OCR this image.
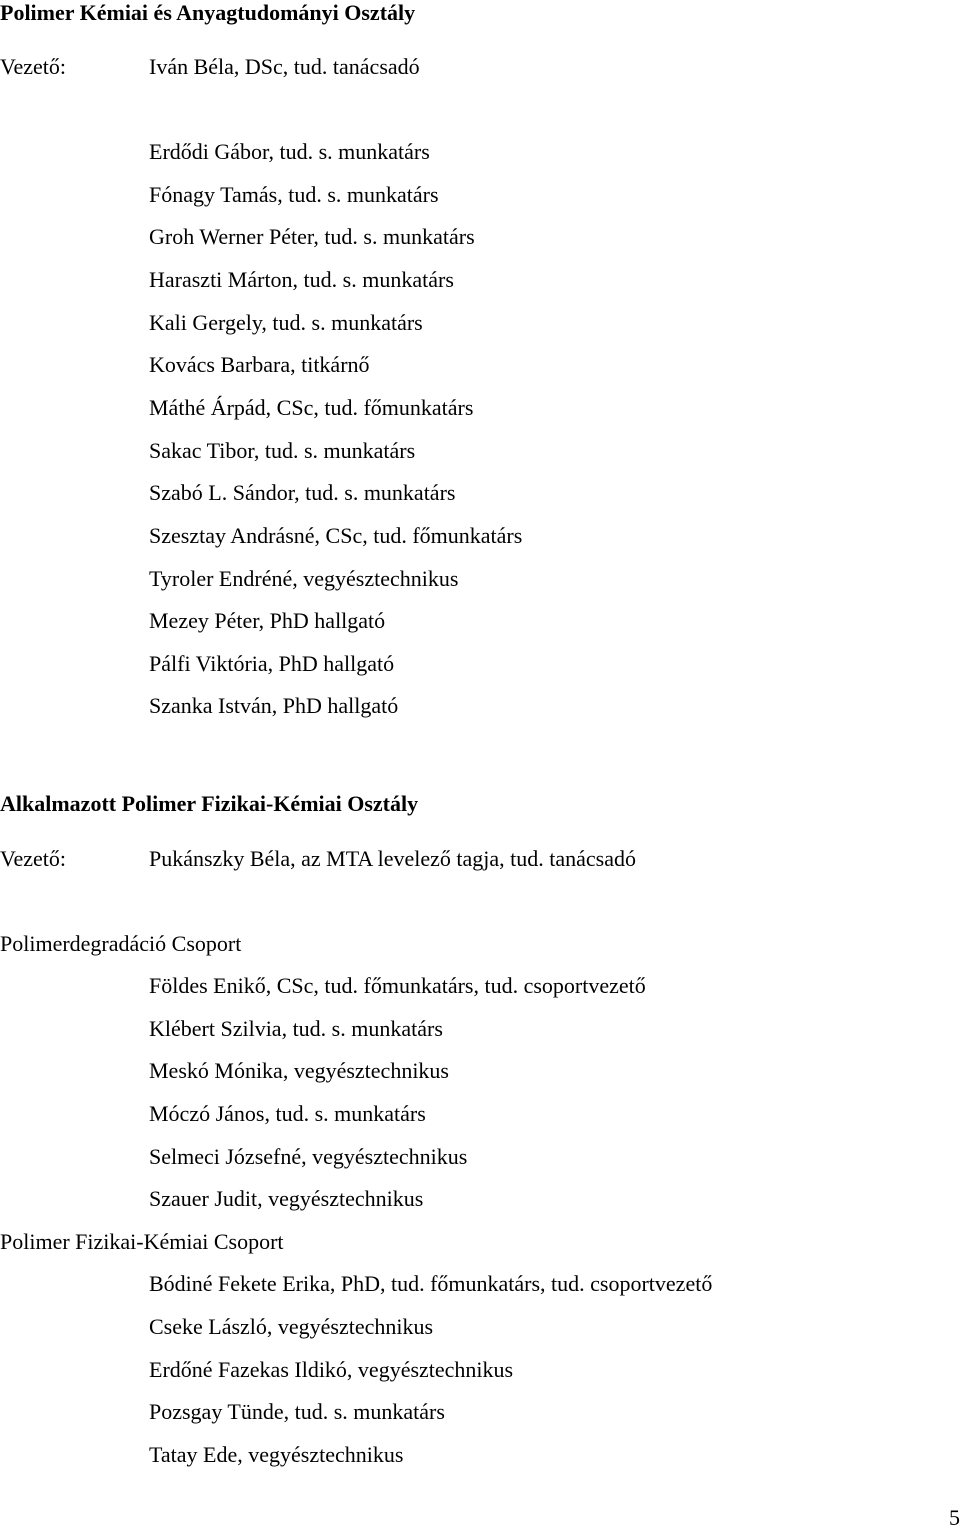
Polimer Kémiai és Anyagtudományi Osztály
Vezető:	Iván Béla, DSc, tud. tanácsadó
Erdődi Gábor, tud. s. munkatárs
Fónagy Tamás, tud. s. munkatárs
Groh Werner Péter, tud. s. munkatárs
Haraszti Márton, tud. s. munkatárs
Kali Gergely, tud. s. munkatárs
Kovács Barbara, titkárnő
Máthé Árpád, CSc, tud. főmunkatárs
Sakac Tibor, tud. s. munkatárs
Szabó L. Sándor, tud. s. munkatárs
Szesztay Andrásné, CSc, tud. főmunkatárs
Tyroler Endréné, vegyésztechnikus
Mezey Péter, PhD hallgató
Pálfi Viktória, PhD hallgató
Szanka István, PhD hallgató
Alkalmazott Polimer Fizikai-Kémiai Osztály
Vezető:	Pukánszky Béla, az MTA levelező tagja, tud. tanácsadó
Polimerdegradáció Csoport
Földes Enikő, CSc, tud. főmunkatárs, tud. csoportvezető
Klébert Szilvia, tud. s. munkatárs
Meskó Mónika, vegyésztechnikus
Móczó János, tud. s. munkatárs
Selmeci Józsefné, vegyésztechnikus
Szauer Judit, vegyésztechnikus
Polimer Fizikai-Kémiai Csoport
Bódiné Fekete Erika, PhD, tud. főmunkatárs, tud. csoportvezető
Cseke László, vegyésztechnikus
Erdőné Fazekas Ildikó, vegyésztechnikus
Pozsgay Tünde, tud. s. munkatárs
Tatay Ede, vegyésztechnikus
5
